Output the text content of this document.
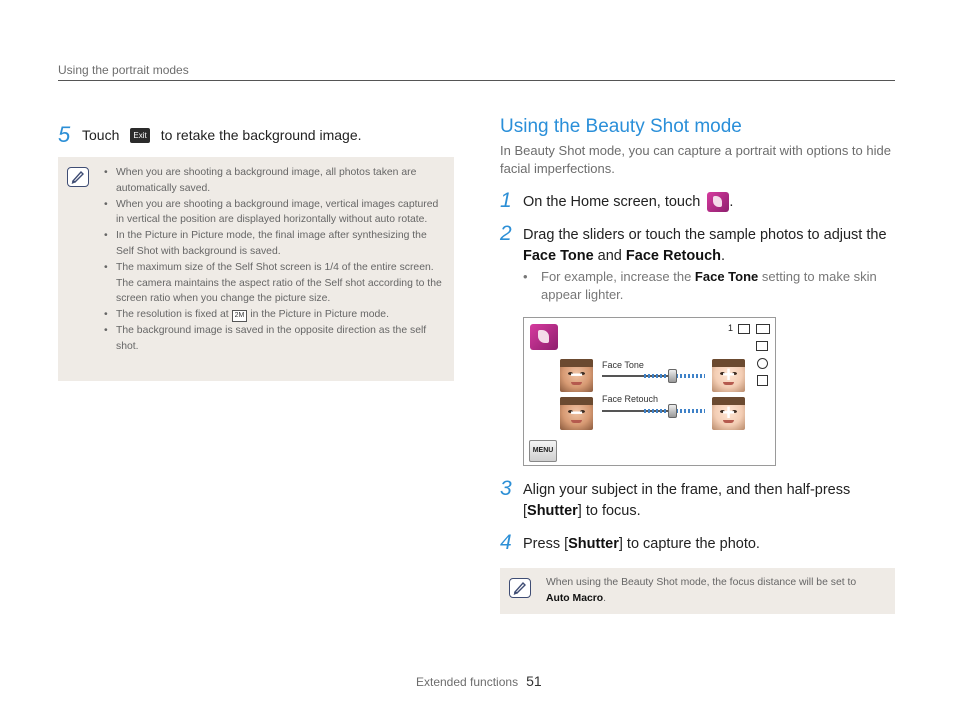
Using the portrait modes
5 Touch	Exit to retake the background image.
• When you are shooting a background image, all photos taken are automatically saved.
• When you are shooting a background image, vertical images captured in vertical the position are displayed horizontally without auto rotate.
• In the Picture in Picture mode, the final image after synthesizing the Self Shot with background is saved.
• The maximum size of the Self Shot screen is 1/4 of the entire screen. The camera maintains the aspect ratio of the Self shot according to the screen ratio when you change the picture size.
• The resolution is fixed at 2M in the Picture in Picture mode.
• The background image is saved in the opposite direction as the self shot.
Using the Beauty Shot mode
In Beauty Shot mode, you can capture a portrait with options to hide facial imperfections.
1 On the Home screen, touch .
2 Drag the sliders or touch the sample photos to adjust the Face Tone and Face Retouch.
• For example, increase the Face Tone setting to make skin appear lighter.
1
−	Face Tone	+
−
Face Retouch
+
MENU
3 Align your subject in the frame, and then half-press [Shutter] to focus.
4 Press [Shutter] to capture the photo.
When using the Beauty Shot mode, the focus distance will be set to
Auto Macro.
Extended functions 51
